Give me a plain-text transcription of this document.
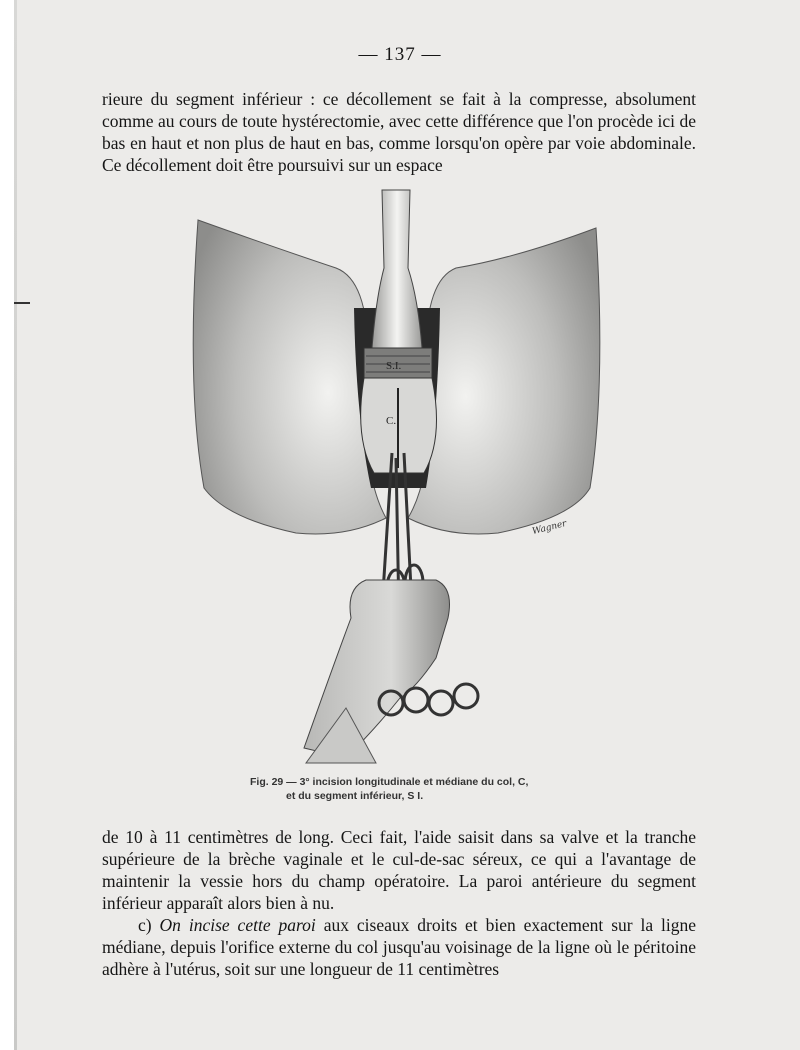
— 137 —
rieure du segment inférieur : ce décollement se fait à la compresse, absolument comme au cours de toute hystérectomie, avec cette différence que l'on procède ici de bas en haut et non plus de haut en bas, comme lorsqu'on opère par voie abdominale. Ce décollement doit être poursuivi sur un espace
S.I.
C.
Wagner
Fig. 29 — 3° incision longitudinale et médiane du col, C,
et du segment inférieur, S I.

de 10 à 11 centimètres de long. Ceci fait, l'aide saisit dans sa valve et la tranche supérieure de la brèche vaginale et le cul-de-sac séreux, ce qui a l'avantage de maintenir la vessie hors du champ opératoire. La paroi antérieure du segment inférieur apparaît alors bien à nu.

c) On incise cette paroi aux ciseaux droits et bien exactement sur la ligne médiane, depuis l'orifice externe du col jusqu'au voisinage de la ligne où le péritoine adhère à l'utérus, soit sur une longueur de 11 centimètres
